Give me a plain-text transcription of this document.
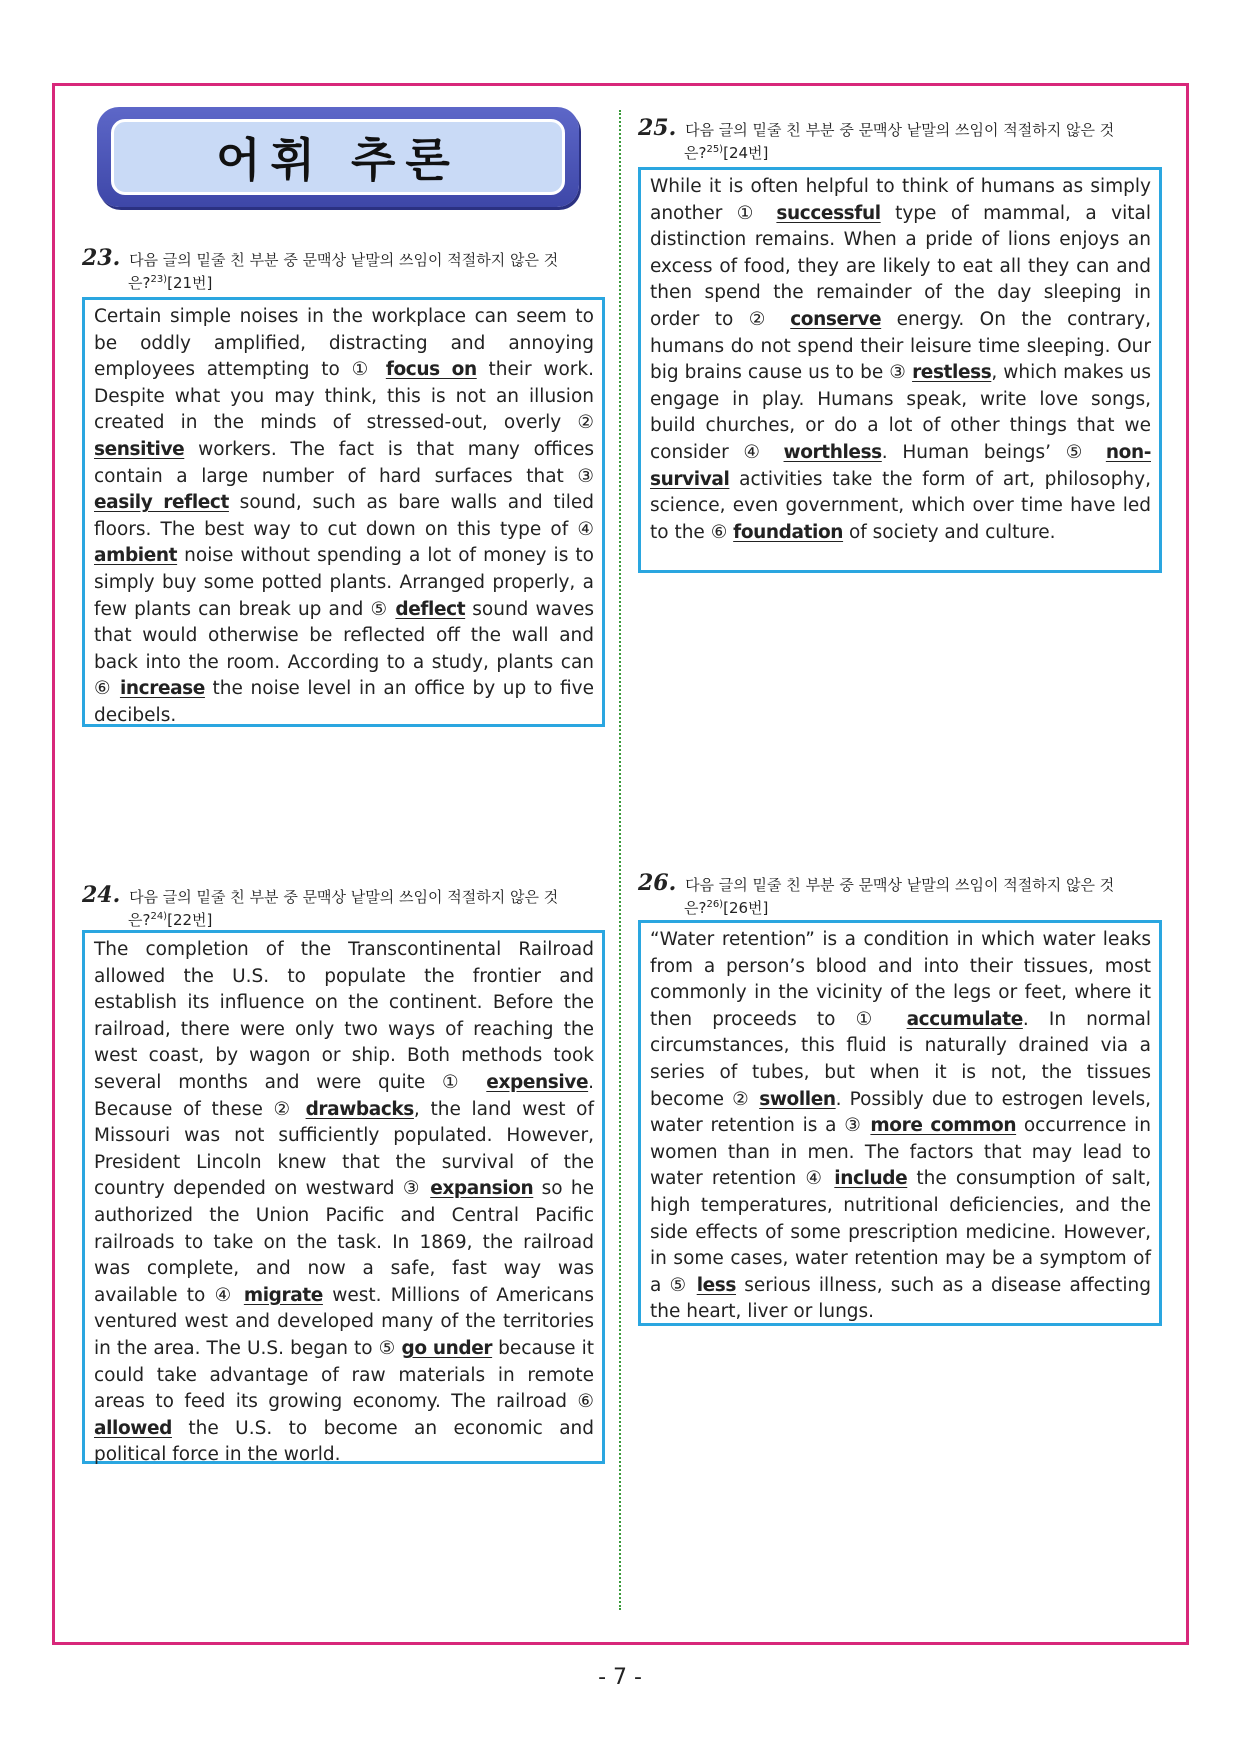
어휘 추론
23. 다음 글의 밑줄 친 부분 중 문맥상 낱말의 쓰임이 적절하지 않은 것
은?$^{23)}$[21번]
Certain simple noises in the workplace can seem to be oddly amplified, distracting and annoying employees attempting to ① focus on their work. Despite what you may think, this is not an illusion created in the minds of stressed-out, overly ② sensitive workers. The fact is that many offices contain a large number of hard surfaces that ③ easily reflect sound, such as bare walls and tiled floors. The best way to cut down on this type of ④ ambient noise without spending a lot of money is to simply buy some potted plants. Arranged properly, a few plants can break up and ⑤ deflect sound waves that would otherwise be reflected off the wall and back into the room. According to a study, plants can ⑥ increase the noise level in an office by up to five decibels.
24. 다음 글의 밑줄 친 부분 중 문맥상 낱말의 쓰임이 적절하지 않은 것
은?$^{24)}$[22번]
The completion of the Transcontinental Railroad allowed the U.S. to populate the frontier and establish its influence on the continent. Before the railroad, there were only two ways of reaching the west coast, by wagon or ship. Both methods took several months and were quite ① expensive. Because of these ② drawbacks, the land west of Missouri was not sufficiently populated. However, President Lincoln knew that the survival of the country depended on westward ③ expansion so he authorized the Union Pacific and Central Pacific railroads to take on the task. In 1869, the railroad was complete, and now a safe, fast way was available to ④ migrate west. Millions of Americans ventured west and developed many of the territories in the area. The U.S. began to ⑤ go under because it could take advantage of raw materials in remote areas to feed its growing economy. The railroad ⑥ allowed the U.S. to become an economic and political force in the world.
25. 다음 글의 밑줄 친 부분 중 문맥상 낱말의 쓰임이 적절하지 않은 것
은?$^{25)}$[24번]
While it is often helpful to think of humans as simply another ① successful type of mammal, a vital distinction remains. When a pride of lions enjoys an excess of food, they are likely to eat all they can and then spend the remainder of the day sleeping in order to ② conserve energy. On the contrary, humans do not spend their leisure time sleeping. Our big brains cause us to be ③ restless, which makes us engage in play. Humans speak, write love songs, build churches, or do a lot of other things that we consider ④ worthless. Human beings’ ⑤ non-survival activities take the form of art, philosophy, science, even government, which over time have led to the ⑥ foundation of society and culture.
26. 다음 글의 밑줄 친 부분 중 문맥상 낱말의 쓰임이 적절하지 않은 것
은?$^{26)}$[26번]
“Water retention” is a condition in which water leaks from a person’s blood and into their tissues, most commonly in the vicinity of the legs or feet, where it then proceeds to ① accumulate. In normal circumstances, this fluid is naturally drained via a series of tubes, but when it is not, the tissues become ② swollen. Possibly due to estrogen levels, water retention is a ③ more common occurrence in women than in men. The factors that may lead to water retention ④ include the consumption of salt, high temperatures, nutritional deficiencies, and the side effects of some prescription medicine. However, in some cases, water retention may be a symptom of a ⑤ less serious illness, such as a disease affecting the heart, liver or lungs.
- 7 -
